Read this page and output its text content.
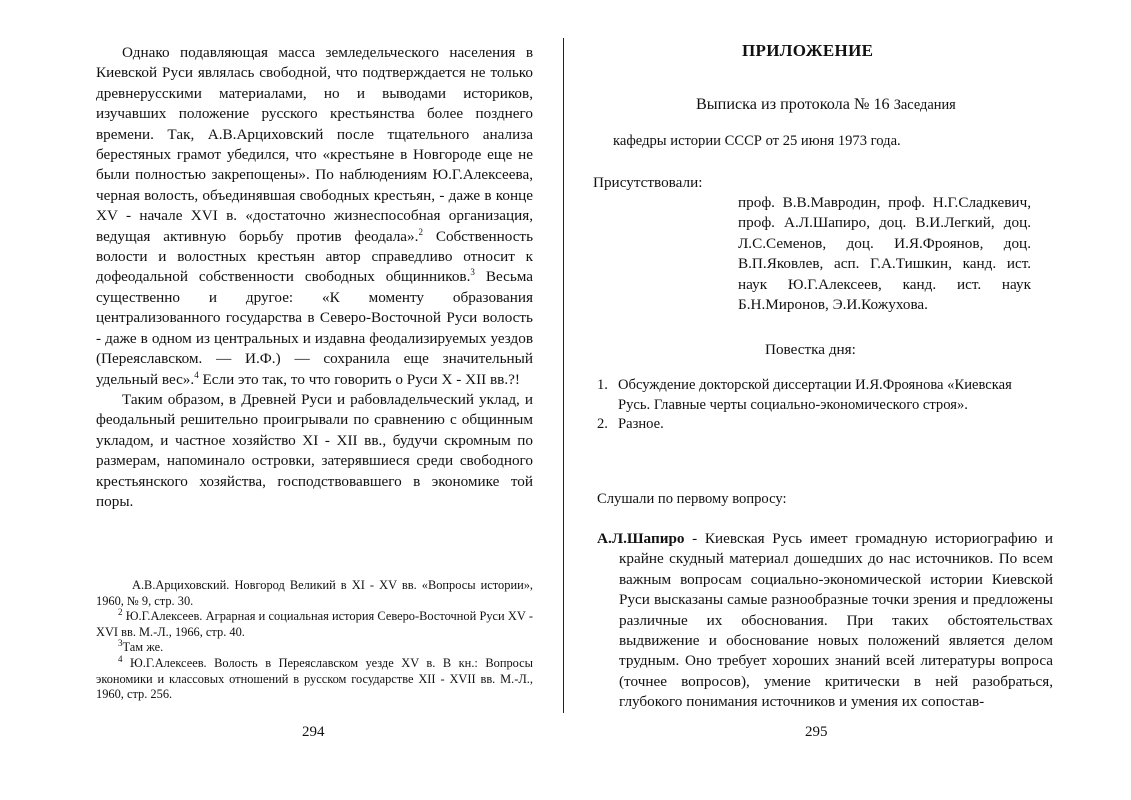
Однако подавляющая масса земледельческого населения в Киевской Руси являлась свободной, что подтверждается не только древнерусскими материалами, но и выводами историков, изучавших положение русского крестьянства более позднего времени. Так, А.В.Арциховский после тщательного анализа берестяных грамот убедился, что «крестьяне в Новгороде еще не были полностью закрепощены». По наблюдениям Ю.Г.Алексеева, черная волость, объединявшая свободных крестьян, - даже в конце XV - начале XVI в. «достаточно жизнеспособная организация, ведущая активную борьбу против феодала».$^2$ Собственность волости и волостных крестьян автор справедливо относит к дофеодальной собственности свободных общинников.$^3$ Весьма существенно и другое: «К моменту образования централизованного государства в Северо-Восточной Руси волость - даже в одном из центральных и издавна феодализируемых уездов (Переяславском. — И.Ф.) — сохранила еще значительный удельный вес».$^4$ Если это так, то что говорить о Руси X - XII вв.?!

Таким образом, в Древней Руси и рабовладельческий уклад, и феодальный решительно проигрывали по сравнению с общинным укладом, и частное хозяйство XI - XII вв., будучи скромным по размерам, напоминало островки, затерявшиеся среди свободного крестьянского хозяйства, господствовавшего в экономике той поры.

А.В.Арциховский. Новгород Великий в XI - XV вв. «Вопросы истории», 1960, № 9, стр. 30.

$^2$ Ю.Г.Алексеев. Аграрная и социальная история Северо-Восточной Руси XV - XVI вв. М.-Л., 1966, стр. 40.

$^3$Там же.

$^4$ Ю.Г.Алексеев. Волость в Переяславском уезде XV в. В кн.: Вопросы экономики и классовых отношений в русском государстве XII - XVII вв. М.-Л., 1960, стр. 256.

294
ПРИЛОЖЕНИЕ
Выписка из протокола № 16 Заседания
кафедры истории СССР от 25 июня 1973 года.
Присутствовали:
проф. В.В.Мавродин, проф. Н.Г.Сладкевич, проф. А.Л.Шапиро, доц. В.И.Легкий, доц. Л.С.Семенов, доц. И.Я.Фроянов, доц. В.П.Яковлев, асп. Г.А.Тишкин, канд. ист. наук Ю.Г.Алексеев, канд. ист. наук Б.Н.Миронов, Э.И.Кожухова.
Повестка дня:
1. Обсуждение докторской диссертации И.Я.Фроянова «Киевская Русь. Главные черты социально-экономического строя».
2. Разное.
Слушали по первому вопросу:
А.Л.Шапиро - Киевская Русь имеет громадную историографию и крайне скудный материал дошедших до нас источников. По всем важным вопросам социально-экономической истории Киевской Руси высказаны самые разнообразные точки зрения и предложены различные их обоснования. При таких обстоятельствах выдвижение и обоснование новых положений является делом трудным. Оно требует хороших знаний всей литературы вопроса (точнее вопросов), умение критически в ней разобраться, глубокого понимания источников и умения их сопостав-
295
